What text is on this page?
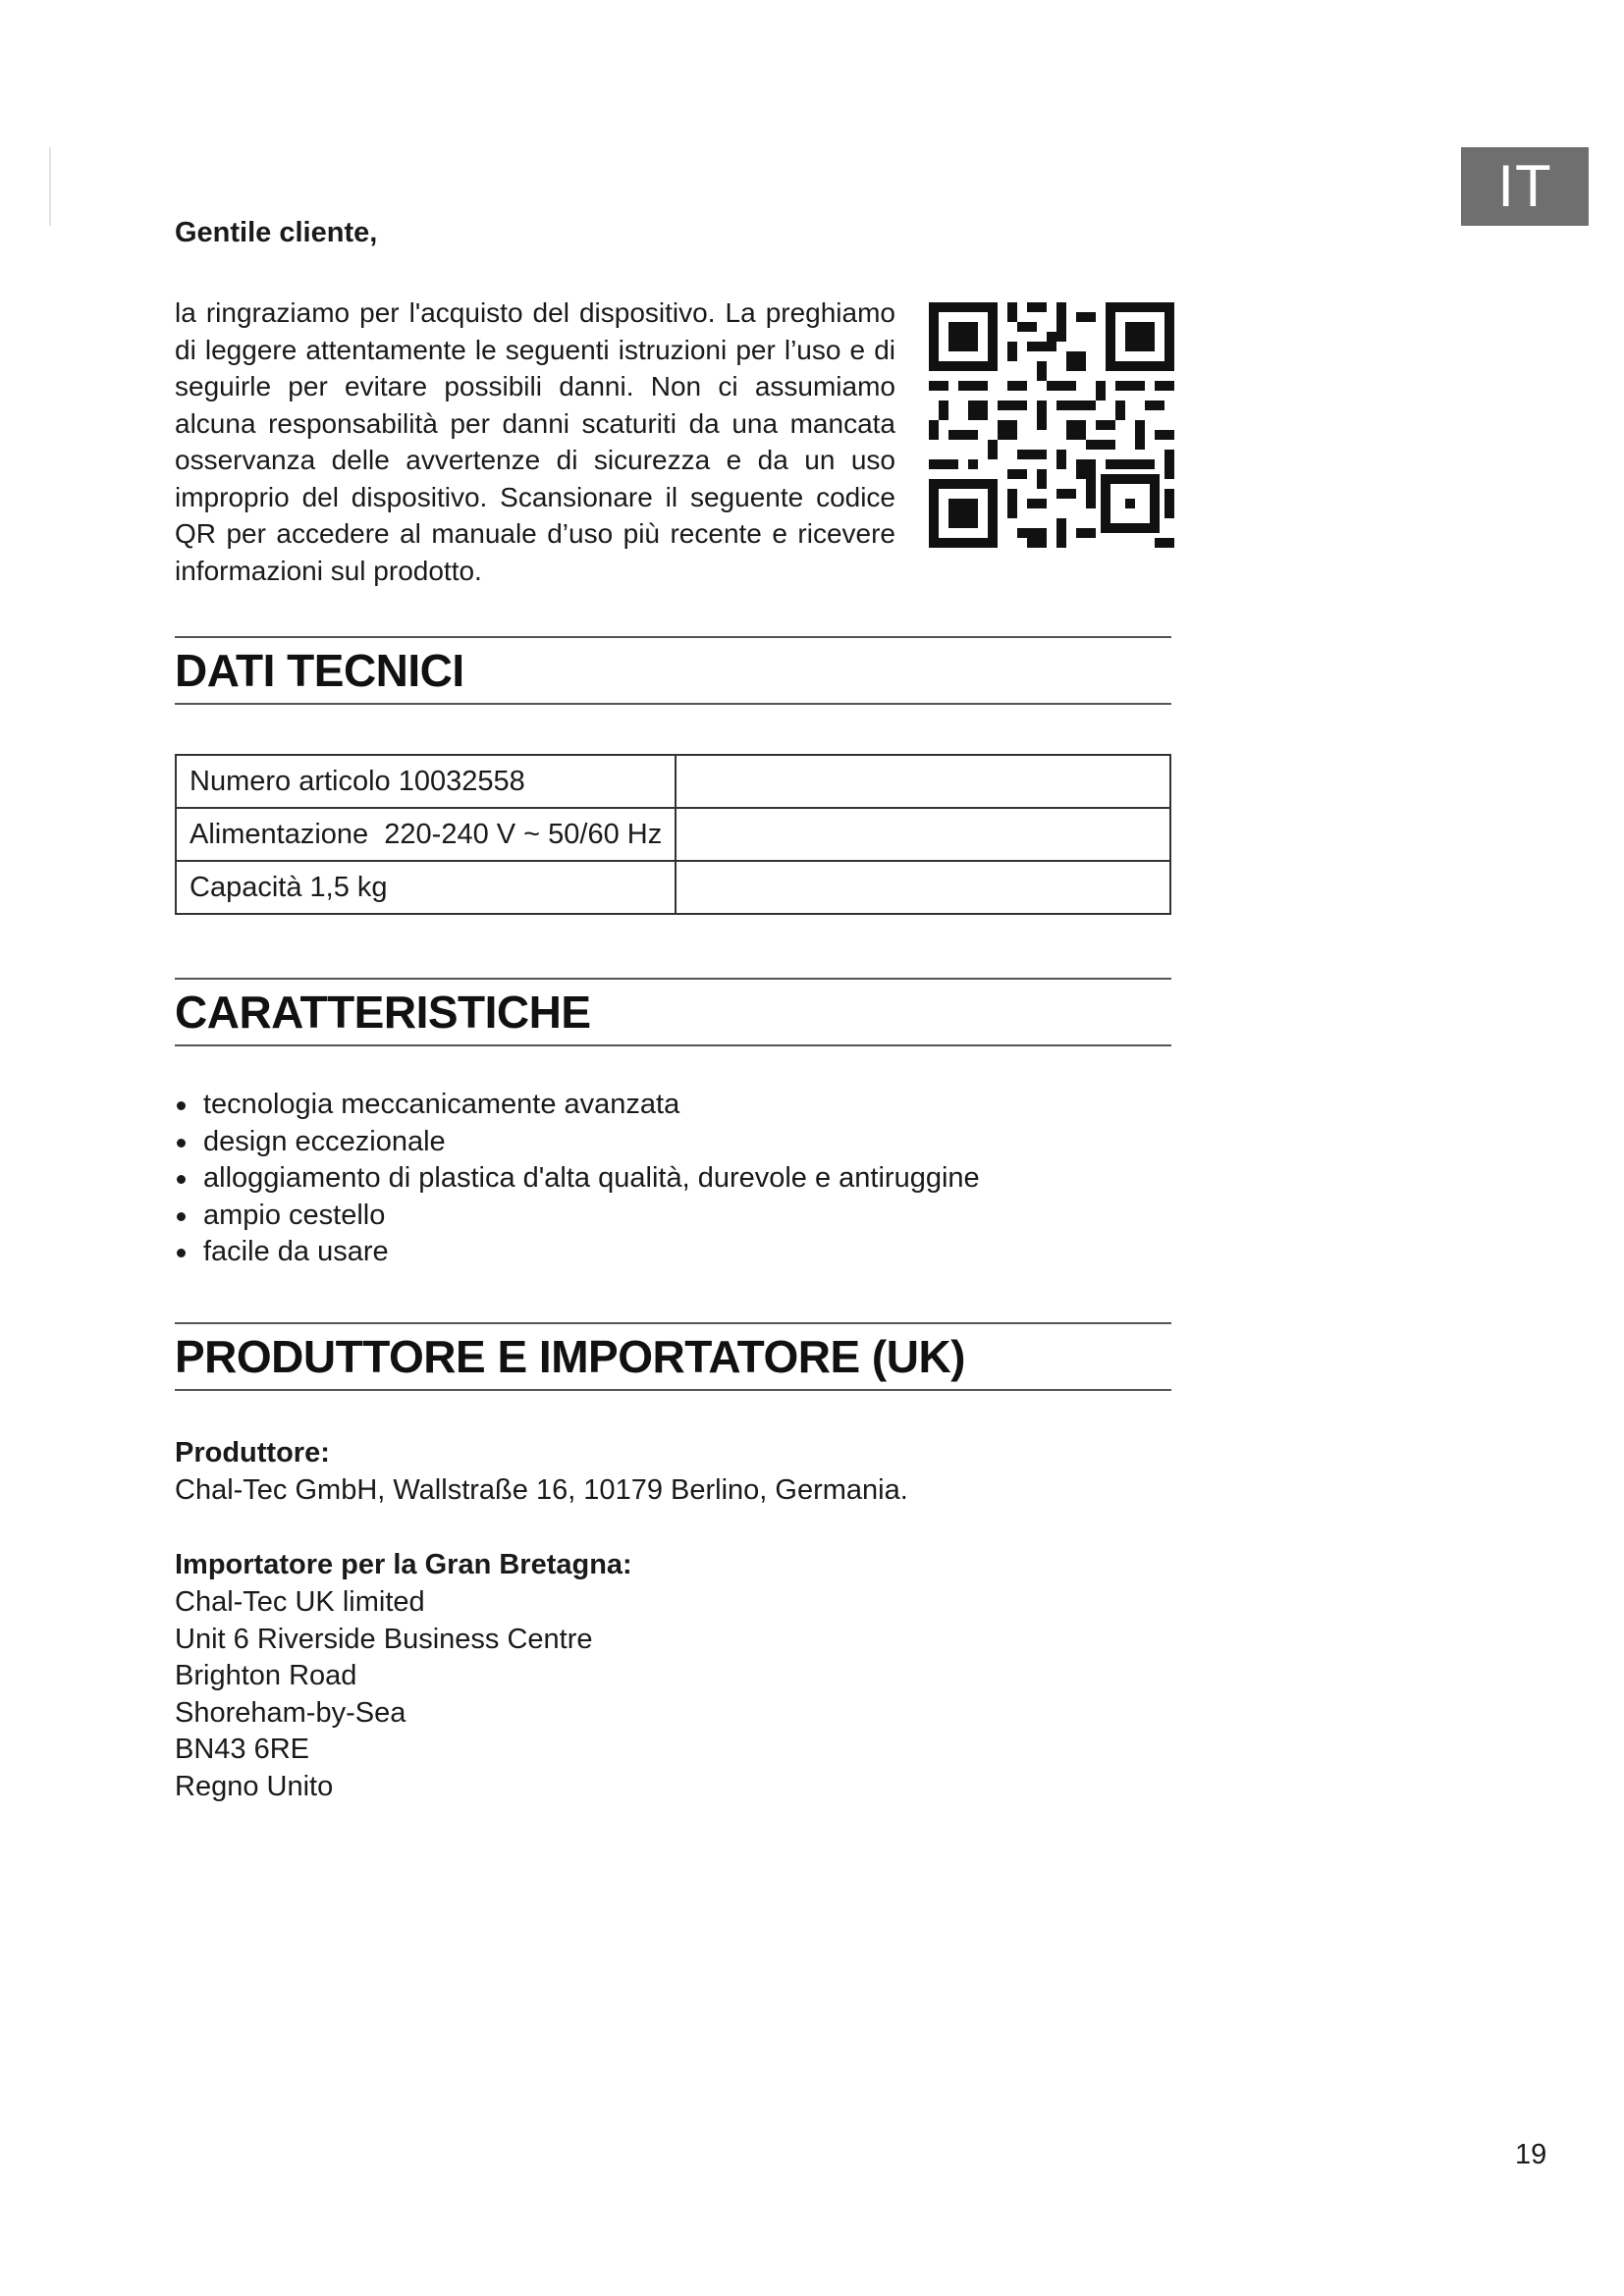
IT

Gentile cliente,

la ringraziamo per l'acquisto del dispositivo. La preghiamo di leggere attentamente le seguenti istruzioni per l’uso e di seguirle per evitare possibili danni. Non ci assumiamo alcuna responsabilità per danni scaturiti da una mancata osservanza delle avvertenze di sicurezza e da un uso improprio del dispositivo. Scansionare il seguente codice QR per accedere al manuale d’uso più recente e ricevere informazioni sul prodotto.

DATI TECNICI
Numero articolo 10032558	
Alimentazione  220-240 V ~ 50/60 Hz	
Capacità 1,5 kg	
CARATTERISTICHE
tecnologia meccanicamente avanzata
design eccezionale
alloggiamento di plastica d'alta qualità, durevole e antiruggine
ampio cestello
facile da usare
PRODUTTORE E IMPORTATORE (UK)

Produttore:

Chal-Tec GmbH, Wallstraße 16, 10179 Berlino, Germania.

Importatore per la Gran Bretagna:

Chal-Tec UK limited
Unit 6 Riverside Business Centre
Brighton Road
Shoreham-by-Sea
BN43 6RE
Regno Unito
19
